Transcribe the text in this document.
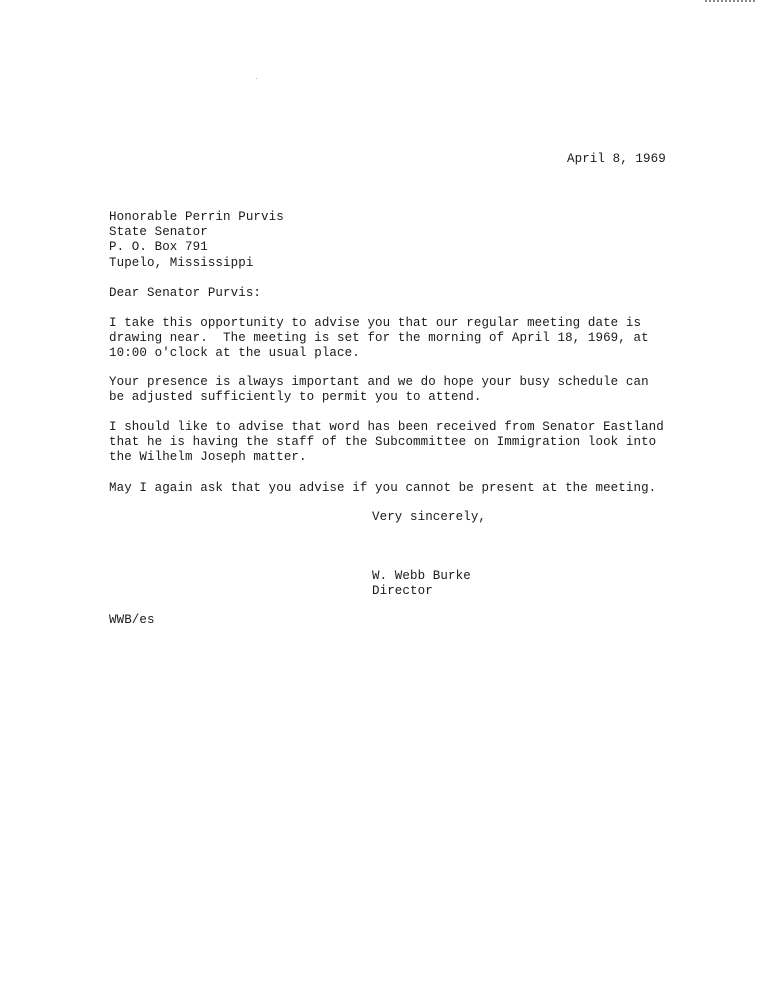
April 8, 1969
Honorable Perrin Purvis
State Senator
P. O. Box 791
Tupelo, Mississippi
Dear Senator Purvis:
I take this opportunity to advise you that our regular meeting date is
drawing near.  The meeting is set for the morning of April 18, 1969, at
10:00 o'clock at the usual place.
Your presence is always important and we do hope your busy schedule can
be adjusted sufficiently to permit you to attend.
I should like to advise that word has been received from Senator Eastland
that he is having the staff of the Subcommittee on Immigration look into
the Wilhelm Joseph matter.
May I again ask that you advise if you cannot be present at the meeting.
Very sincerely,
W. Webb Burke
Director
WWB/es
